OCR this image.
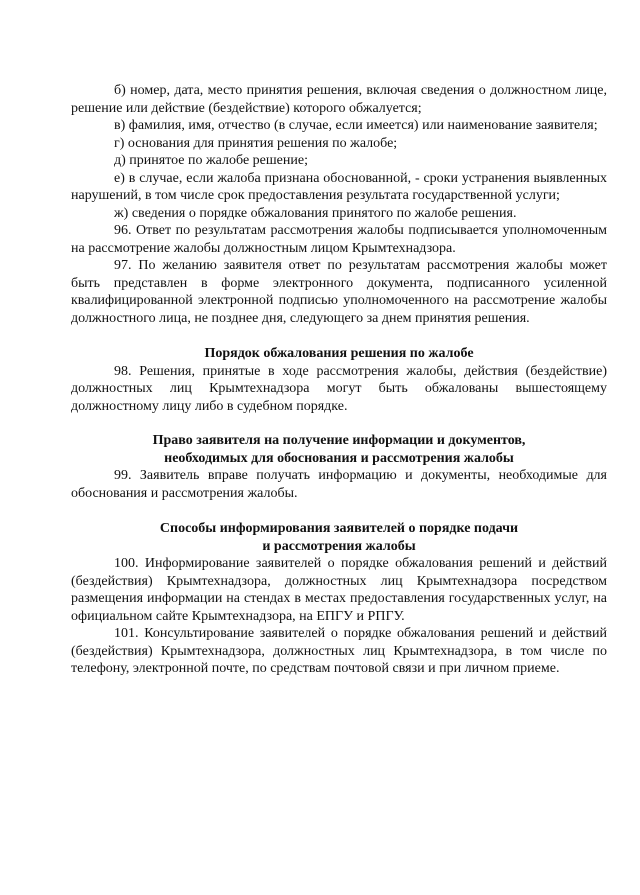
б) номер, дата, место принятия решения, включая сведения о должностном лице, решение или действие (бездействие) которого обжалуется;

в) фамилия, имя, отчество (в случае, если имеется) или наименование заявителя;

г) основания для принятия решения по жалобе;

д) принятое по жалобе решение;

е) в случае, если жалоба признана обоснованной, - сроки устранения выявленных нарушений, в том числе срок предоставления результата государственной услуги;

ж) сведения о порядке обжалования принятого по жалобе решения.

96. Ответ по результатам рассмотрения жалобы подписывается уполномоченным на рассмотрение жалобы должностным лицом Крымтехнадзора.

97. По желанию заявителя ответ по результатам рассмотрения жалобы может быть представлен в форме электронного документа, подписанного усиленной квалифицированной электронной подписью уполномоченного на рассмотрение жалобы должностного лица, не позднее дня, следующего за днем принятия решения.

Порядок обжалования решения по жалобе

98. Решения, принятые в ходе рассмотрения жалобы, действия (бездействие) должностных лиц Крымтехнадзора могут быть обжалованы вышестоящему должностному лицу либо в судебном порядке.

Право заявителя на получение информации и документов,
необходимых для обоснования и рассмотрения жалобы

99. Заявитель вправе получать информацию и документы, необходимые для обоснования и рассмотрения жалобы.

Способы информирования заявителей о порядке подачи
и рассмотрения жалобы

100. Информирование заявителей о порядке обжалования решений и действий (бездействия) Крымтехнадзора, должностных лиц Крымтехнадзора посредством размещения информации на стендах в местах предоставления государственных услуг, на официальном сайте Крымтехнадзора, на ЕПГУ и РПГУ.

101. Консультирование заявителей о порядке обжалования решений и действий (бездействия) Крымтехнадзора, должностных лиц Крымтехнадзора, в том числе по телефону, электронной почте, по средствам почтовой связи и при личном приеме.
